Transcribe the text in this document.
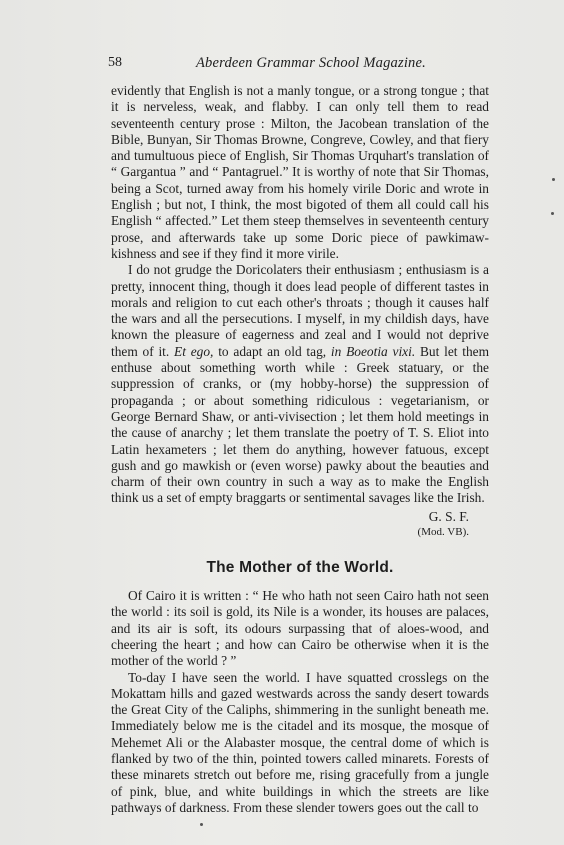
58	Aberdeen Grammar School Magazine.

evidently that English is not a manly tongue, or a strong tongue ; that it is nerveless, weak, and flabby. I can only tell them to read seventeenth century prose : Milton, the Jacobean translation of the Bible, Bunyan, Sir Thomas Browne, Congreve, Cowley, and that fiery and tumultuous piece of English, Sir Thomas Urquhart's translation of “ Gargantua ” and “ Pantagruel.” It is worthy of note that Sir Thomas, being a Scot, turned away from his homely virile Doric and wrote in English ; but not, I think, the most bigoted of them all could call his English “ affected.” Let them steep themselves in seventeenth century prose, and afterwards take up some Doric piece of pawkimaw-kishness and see if they find it more virile.

I do not grudge the Doricolaters their enthusiasm ; enthusiasm is a pretty, innocent thing, though it does lead people of different tastes in morals and religion to cut each other's throats ; though it causes half the wars and all the persecutions. I myself, in my childish days, have known the pleasure of eagerness and zeal and I would not deprive them of it. Et ego, to adapt an old tag, in Boeotia vixi. But let them enthuse about something worth while : Greek statuary, or the suppression of cranks, or (my hobby-horse) the suppression of propaganda ; or about something ridiculous : vegetarianism, or George Bernard Shaw, or anti-vivisection ; let them hold meetings in the cause of anarchy ; let them translate the poetry of T. S. Eliot into Latin hexameters ; let them do anything, however fatuous, except gush and go mawkish or (even worse) pawky about the beauties and charm of their own country in such a way as to make the English think us a set of empty braggarts or sentimental savages like the Irish.

G. S. F.
(Mod. VB).
The Mother of the World.

Of Cairo it is written : “ He who hath not seen Cairo hath not seen the world : its soil is gold, its Nile is a wonder, its houses are palaces, and its air is soft, its odours surpassing that of aloes-wood, and cheering the heart ; and how can Cairo be otherwise when it is the mother of the world ? ”

To-day I have seen the world. I have squatted crosslegs on the Mokattam hills and gazed westwards across the sandy desert towards the Great City of the Caliphs, shimmering in the sunlight beneath me. Immediately below me is the citadel and its mosque, the mosque of Mehemet Ali or the Alabaster mosque, the central dome of which is flanked by two of the thin, pointed towers called minarets. Forests of these minarets stretch out before me, rising gracefully from a jungle of pink, blue, and white buildings in which the streets are like pathways of darkness. From these slender towers goes out the call to
